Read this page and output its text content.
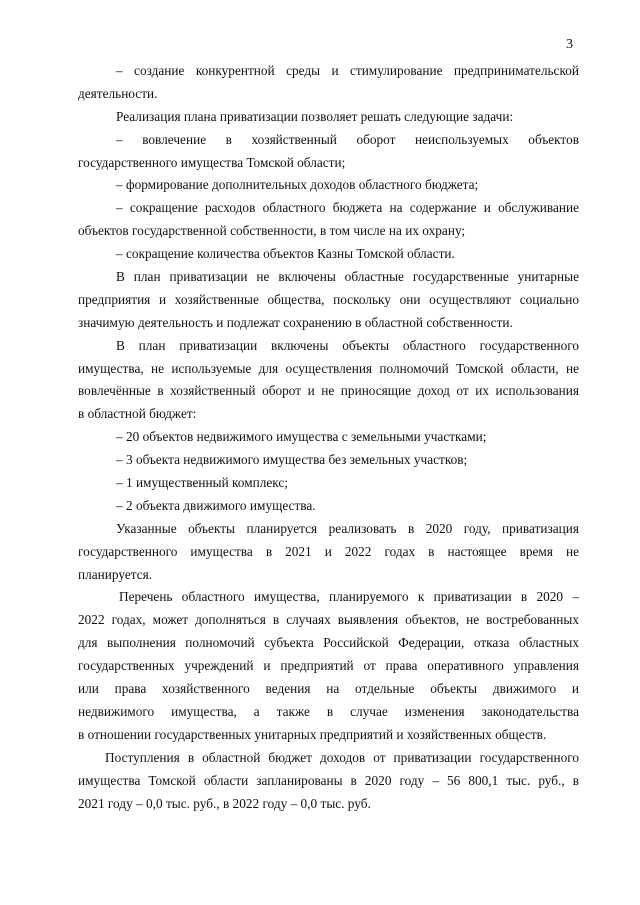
3
– создание конкурентной среды и стимулирование предпринимательской
деятельности.
Реализация плана приватизации позволяет решать следующие задачи:
– вовлечение в хозяйственный оборот неиспользуемых объектов
государственного имущества Томской области;
– формирование дополнительных доходов областного бюджета;
– сокращение расходов областного бюджета на содержание и обслуживание
объектов государственной собственности, в том числе на их охрану;
– сокращение количества объектов Казны Томской области.
В план приватизации не включены областные государственные унитарные
предприятия и хозяйственные общества, поскольку они осуществляют социально
значимую деятельность и подлежат сохранению в областной собственности.
В план приватизации включены объекты областного государственного
имущества, не используемые для осуществления полномочий Томской области, не
вовлечённые в хозяйственный оборот и не приносящие доход от их использования
в областной бюджет:
– 20 объектов недвижимого имущества с земельными участками;
– 3 объекта недвижимого имущества без земельных участков;
– 1 имущественный комплекс;
– 2 объекта движимого имущества.
Указанные объекты планируется реализовать в 2020 году, приватизация
государственного имущества в 2021 и 2022 годах в настоящее время не
планируется.
Перечень областного имущества, планируемого к приватизации в 2020 –
2022 годах, может дополняться в случаях выявления объектов, не востребованных
для выполнения полномочий субъекта Российской Федерации, отказа областных
государственных учреждений и предприятий от права оперативного управления
или права хозяйственного ведения на отдельные объекты движимого и
недвижимого имущества, а также в случае изменения законодательства
в отношении государственных унитарных предприятий и хозяйственных обществ.
Поступления в областной бюджет доходов от приватизации государственного
имущества Томской области запланированы в 2020 году – 56 800,1 тыс. руб., в
2021 году – 0,0 тыс. руб., в 2022 году – 0,0 тыс. руб.
